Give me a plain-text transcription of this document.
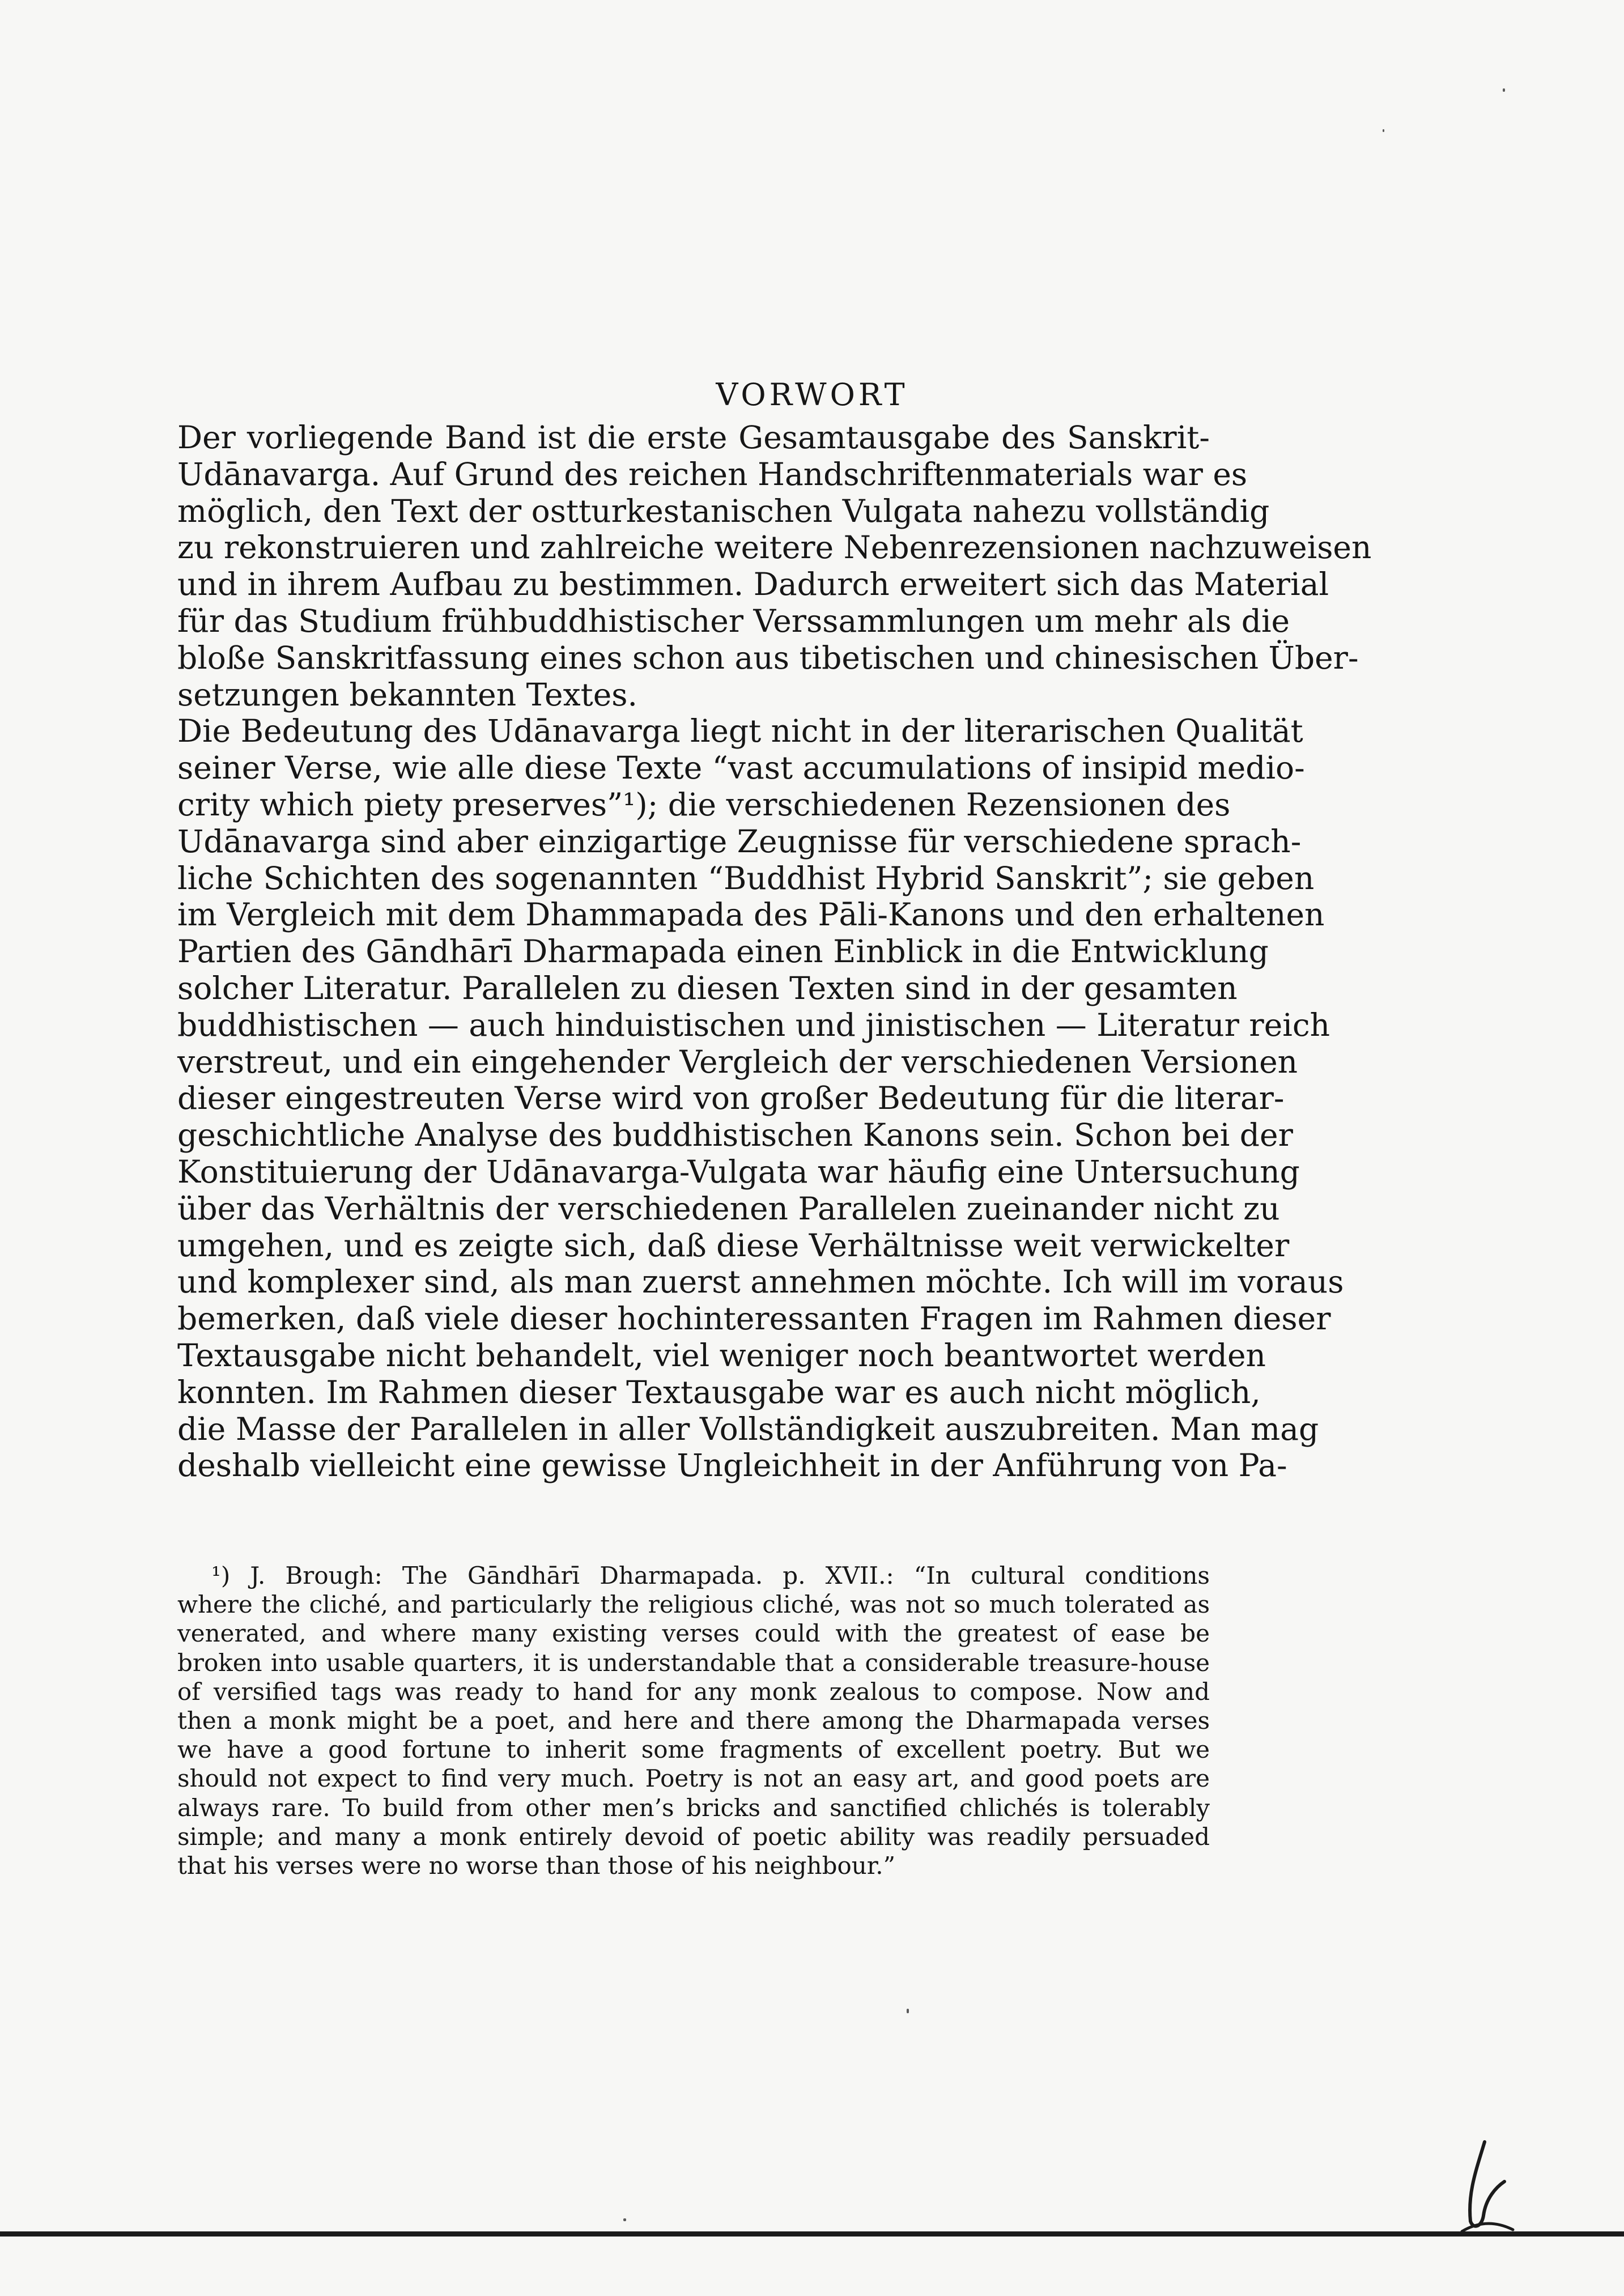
VORWORT
Der vorliegende Band ist die erste Gesamtausgabe des Sanskrit-
Udānavarga. Auf Grund des reichen Handschriftenmaterials war es
möglich, den Text der ostturkestanischen Vulgata nahezu vollständig
zu rekonstruieren und zahlreiche weitere Nebenrezensionen nachzuweisen
und in ihrem Aufbau zu bestimmen. Dadurch erweitert sich das Material
für das Studium frühbuddhistischer Verssammlungen um mehr als die
bloße Sanskritfassung eines schon aus tibetischen und chinesischen Über-
setzungen bekannten Textes.
Die Bedeutung des Udānavarga liegt nicht in der literarischen Qualität
seiner Verse, wie alle diese Texte “vast accumulations of insipid medio-
crity which piety preserves”¹); die verschiedenen Rezensionen des
Udānavarga sind aber einzigartige Zeugnisse für verschiedene sprach-
liche Schichten des sogenannten “Buddhist Hybrid Sanskrit”; sie geben
im Vergleich mit dem Dhammapada des Pāli-Kanons und den erhaltenen
Partien des Gāndhārī Dharmapada einen Einblick in die Entwicklung
solcher Literatur. Parallelen zu diesen Texten sind in der gesamten
buddhistischen — auch hinduistischen und jinistischen — Literatur reich
verstreut, und ein eingehender Vergleich der verschiedenen Versionen
dieser eingestreuten Verse wird von großer Bedeutung für die literar-
geschichtliche Analyse des buddhistischen Kanons sein. Schon bei der
Konstituierung der Udānavarga-Vulgata war häufig eine Untersuchung
über das Verhältnis der verschiedenen Parallelen zueinander nicht zu
umgehen, und es zeigte sich, daß diese Verhältnisse weit verwickelter
und komplexer sind, als man zuerst annehmen möchte. Ich will im voraus
bemerken, daß viele dieser hochinteressanten Fragen im Rahmen dieser
Textausgabe nicht behandelt, viel weniger noch beantwortet werden
konnten. Im Rahmen dieser Textausgabe war es auch nicht möglich,
die Masse der Parallelen in aller Vollständigkeit auszubreiten. Man mag
deshalb vielleicht eine gewisse Ungleichheit in der Anführung von Pa-
¹) J. Brough: The Gāndhārī Dharmapada. p. XVII.: “In cultural conditions
where the cliché, and particularly the religious cliché, was not so much tolerated as
venerated, and where many existing verses could with the greatest of ease be
broken into usable quarters, it is understandable that a considerable treasure-house
of versified tags was ready to hand for any monk zealous to compose. Now and
then a monk might be a poet, and here and there among the Dharmapada verses
we have a good fortune to inherit some fragments of excellent poetry. But we
should not expect to find very much. Poetry is not an easy art, and good poets are
always rare. To build from other men’s bricks and sanctified chlichés is tolerably
simple; and many a monk entirely devoid of poetic ability was readily persuaded
that his verses were no worse than those of his neighbour.”
